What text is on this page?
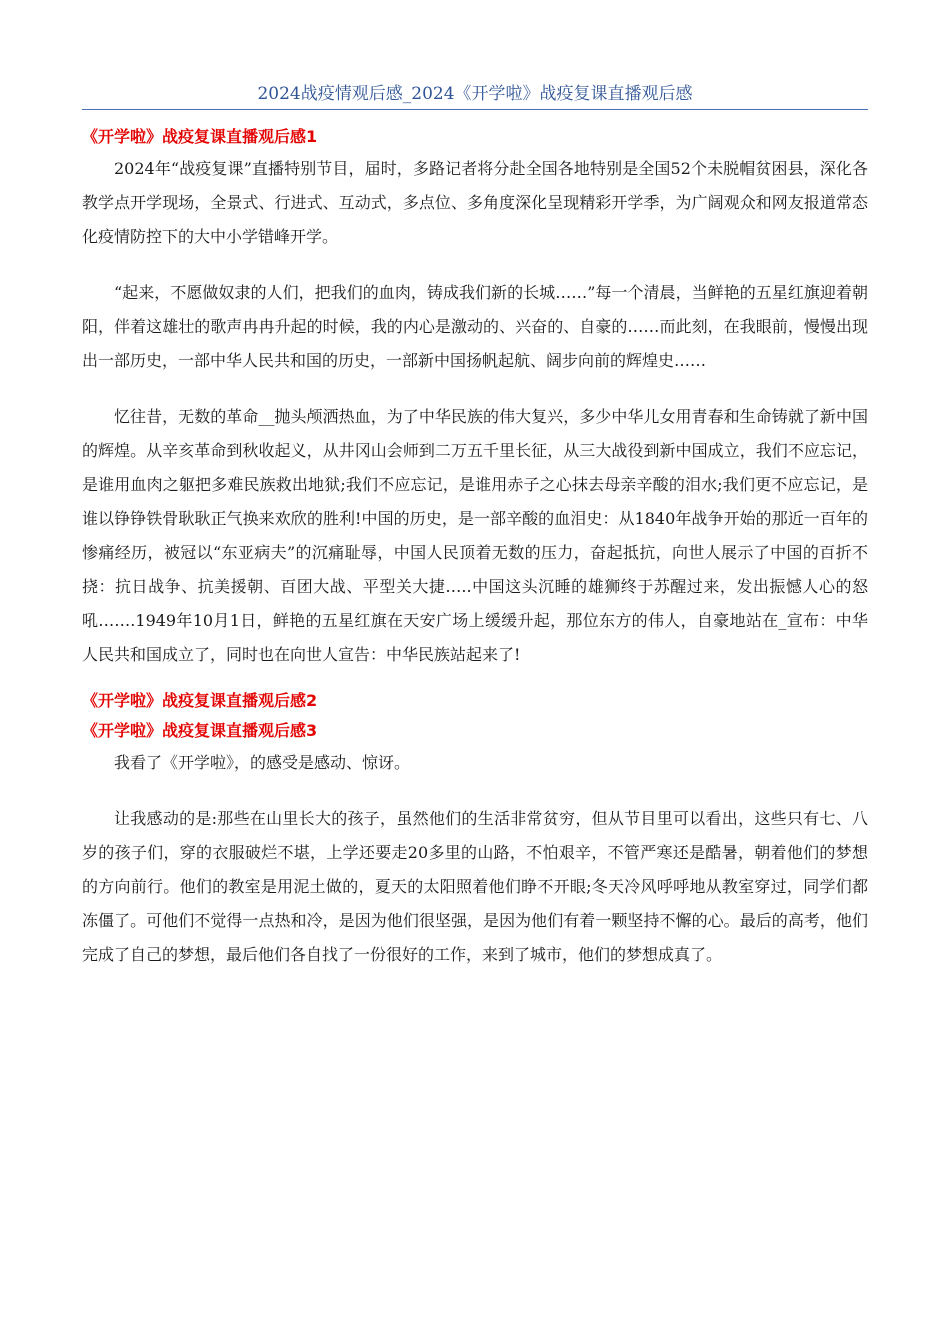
2024战疫情观后感_2024《开学啦》战疫复课直播观后感
《开学啦》战疫复课直播观后感1

2024年“战疫复课”直播特别节目，届时，多路记者将分赴全国各地特别是全国52个未脱帽贫困县，深化各教学点开学现场，全景式、行进式、互动式，多点位、多角度深化呈现精彩开学季，为广阔观众和网友报道常态化疫情防控下的大中小学错峰开学。

“起来，不愿做奴隶的人们，把我们的血肉，铸成我们新的长城……”每一个清晨，当鲜艳的五星红旗迎着朝阳，伴着这雄壮的歌声冉冉升起的时候，我的内心是激动的、兴奋的、自豪的……而此刻，在我眼前，慢慢出现出一部历史，一部中华人民共和国的历史，一部新中国扬帆起航、阔步向前的辉煌史……

忆往昔，无数的革命__抛头颅洒热血，为了中华民族的伟大复兴，多少中华儿女用青春和生命铸就了新中国的辉煌。从辛亥革命到秋收起义，从井冈山会师到二万五千里长征，从三大战役到新中国成立，我们不应忘记，是谁用血肉之躯把多难民族救出地狱;我们不应忘记，是谁用赤子之心抹去母亲辛酸的泪水;我们更不应忘记，是谁以铮铮铁骨耿耿正气换来欢欣的胜利!中国的历史，是一部辛酸的血泪史：从1840年战争开始的那近一百年的惨痛经历，被冠以“东亚病夫”的沉痛耻辱，中国人民顶着无数的压力，奋起抵抗，向世人展示了中国的百折不挠：抗日战争、抗美援朝、百团大战、平型关大捷…..中国这头沉睡的雄狮终于苏醒过来，发出振憾人心的怒吼…….1949年10月1日，鲜艳的五星红旗在天安广场上缓缓升起，那位东方的伟人，自豪地站在_宣布：中华人民共和国成立了，同时也在向世人宣告：中华民族站起来了!

《开学啦》战疫复课直播观后感2
《开学啦》战疫复课直播观后感3

我看了《开学啦》，的感受是感动、惊讶。

让我感动的是:那些在山里长大的孩子，虽然他们的生活非常贫穷，但从节目里可以看出，这些只有七、八岁的孩子们，穿的衣服破烂不堪，上学还要走20多里的山路，不怕艰辛，不管严寒还是酷暑，朝着他们的梦想的方向前行。他们的教室是用泥土做的，夏天的太阳照着他们睁不开眼;冬天冷风呼呼地从教室穿过，同学们都冻僵了。可他们不觉得一点热和冷，是因为他们很坚强，是因为他们有着一颗坚持不懈的心。最后的高考，他们完成了自己的梦想，最后他们各自找了一份很好的工作，来到了城市，他们的梦想成真了。
